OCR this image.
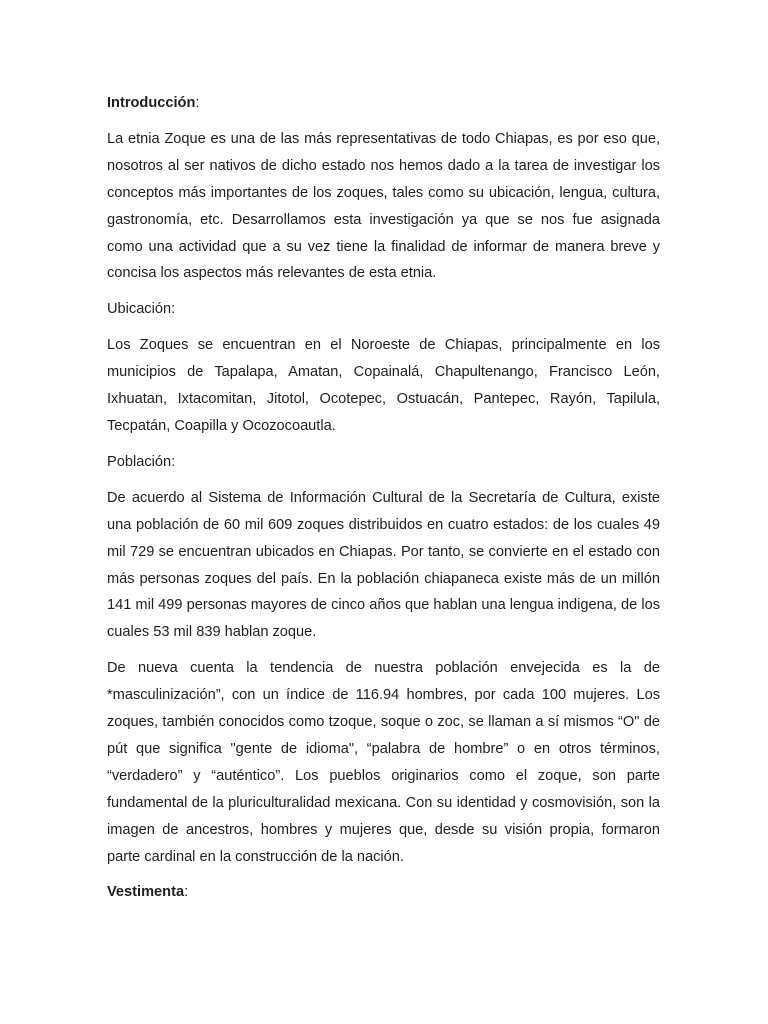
Introducción:

La etnia Zoque es una de las más representativas de todo Chiapas, es por eso que, nosotros al ser nativos de dicho estado nos hemos dado a la tarea de investigar los conceptos más importantes de los zoques, tales como su ubicación, lengua, cultura, gastronomía, etc. Desarrollamos esta investigación ya que se nos fue asignada como una actividad que a su vez tiene la finalidad de informar de manera breve y concisa los aspectos más relevantes de esta etnia.

Ubicación:

Los Zoques se encuentran en el Noroeste de Chiapas, principalmente en los municipios de Tapalapa, Amatan, Copainalá, Chapultenango, Francisco León, Ixhuatan, Ixtacomitan, Jitotol, Ocotepec, Ostuacán, Pantepec, Rayón, Tapilula, Tecpatán, Coapilla y Ocozocoautla.

Población:

De acuerdo al Sistema de Información Cultural de la Secretaría de Cultura, existe una población de 60 mil 609 zoques distribuidos en cuatro estados: de los cuales 49 mil 729 se encuentran ubicados en Chiapas. Por tanto, se convierte en el estado con más personas zoques del país. En la población chiapaneca existe más de un millón 141 mil 499 personas mayores de cinco años que hablan una lengua indigena, de los cuales 53 mil 839 hablan zoque.

De nueva cuenta la tendencia de nuestra población envejecida es la de *masculinización”, con un índice de 116.94 hombres, por cada 100 mujeres. Los zoques, también conocidos como tzoque, soque o zoc, se llaman a sí mismos “O" de pút que significa "gente de idioma", “palabra de hombre” o en otros términos, “verdadero” y “auténtico”. Los pueblos originarios como el zoque, son parte fundamental de la pluriculturalidad mexicana. Con su identidad y cosmovisión, son la imagen de ancestros, hombres y mujeres que, desde su visión propia, formaron parte cardinal en la construcción de la nación.

Vestimenta:
